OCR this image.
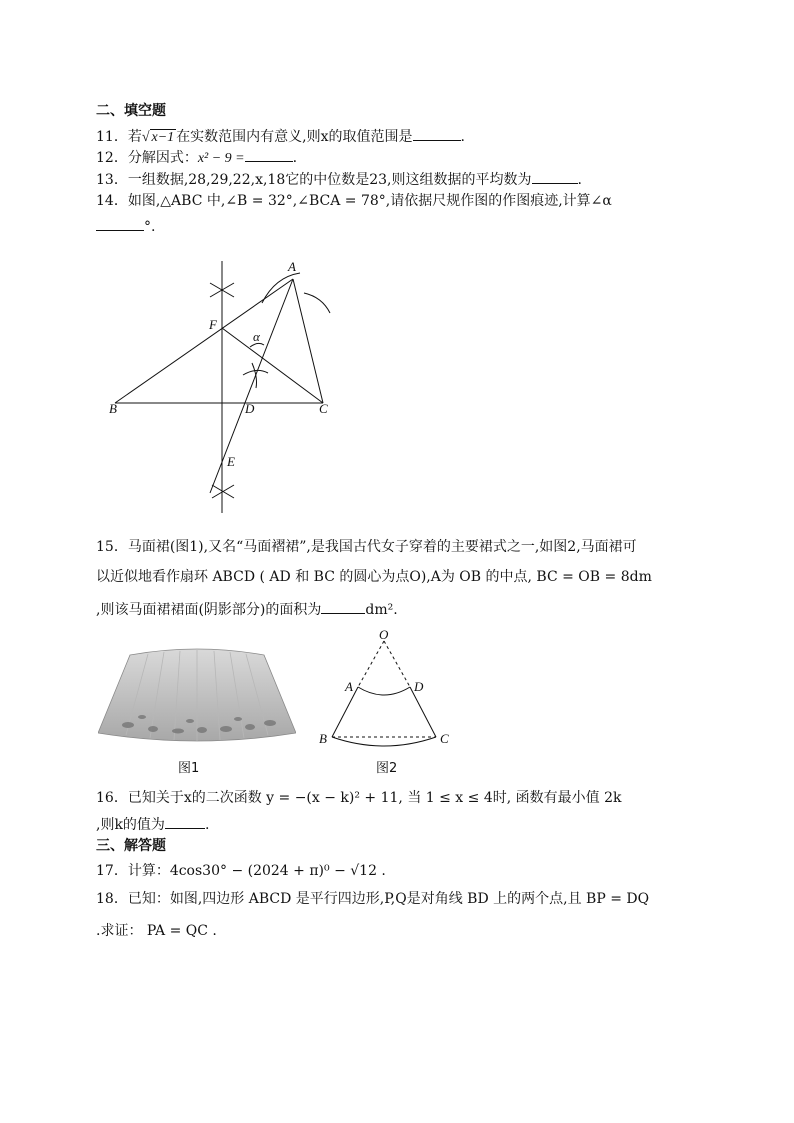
二、填空题
11．若√ x−1 在实数范围内有意义,则x的取值范围是	.
12．分解因式：x² − 9 =	.
13．一组数据,28,29,22,x,18它的中位数是23,则这组数据的平均数为	.
14．如图,△ABC 中,∠B = 32°,∠BCA = 78°,请依据尺规作图的作图痕迹,计算∠α
°.
A
B	C
D
E
F
α
15．马面裙(图1),又名“马面褶裙”,是我国古代女子穿着的主要裙式之一,如图2,马面裙可
以近似地看作扇环 ABCD ( AD 和 BC 的圆心为点O),A为 OB 的中点, BC = OB = 8dm
,则该马面裙裙面(阴影部分)的面积为	dm².
图1
O
A	D
B	C
图2
16．已知关于x的二次函数 y = −(x − k)² + 11, 当 1 ≤ x ≤ 4时, 函数有最小值 2k
,则k的值为	.
三、解答题
17．计算：4cos30° − (2024 + π)⁰ − √12 .
18．已知：如图,四边形 ABCD 是平行四边形,P,Q是对角线 BD 上的两个点,且 BP = DQ
.求证： PA = QC .
